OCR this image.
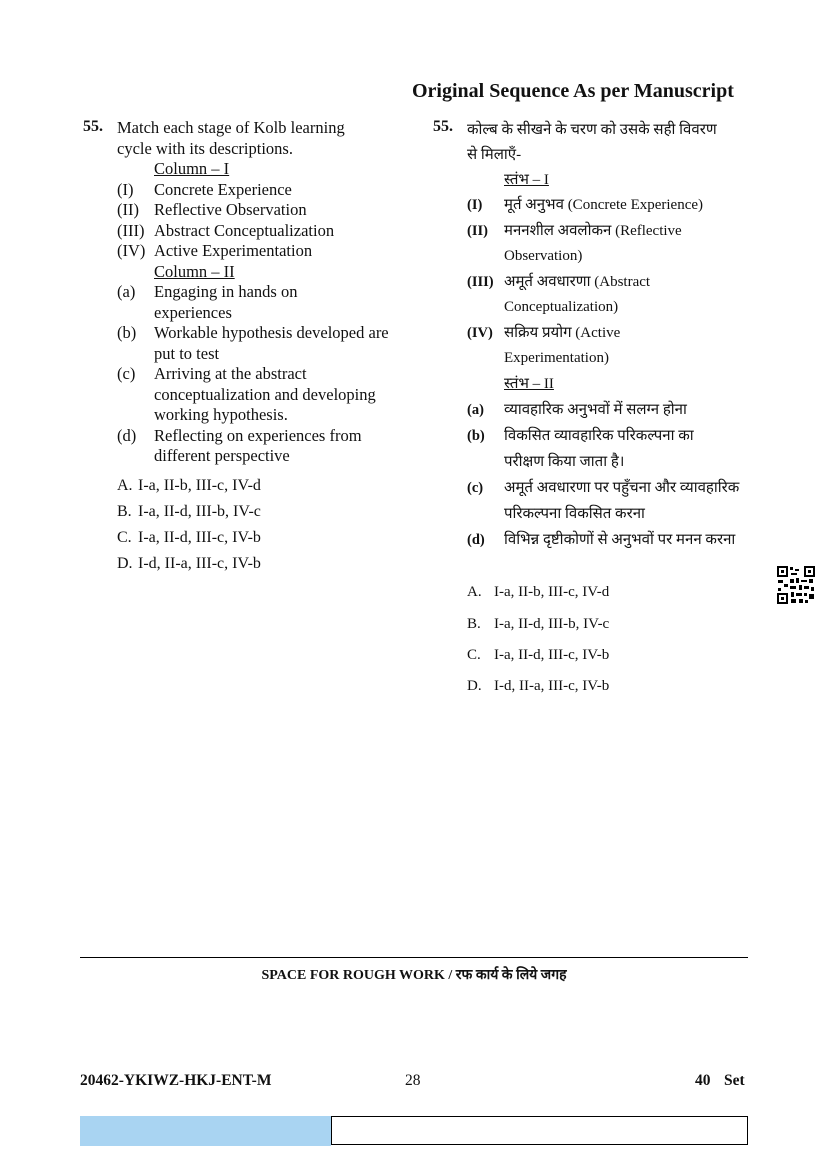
Original Sequence As per Manuscript
55. Match each stage of Kolb learning
cycle with its descriptions.
Column – I
(I) Concrete Experience
(II) Reflective Observation
(III) Abstract Conceptualization
(IV) Active Experimentation
Column – II
(a) Engaging in hands on experiences
(b) Workable hypothesis developed are put to test
(c) Arriving at the abstract conceptualization and developing working hypothesis.
(d) Reflecting on experiences from different perspective
A. I-a, II-b, III-c, IV-d
B. I-a, II-d, III-b, IV-c
C. I-a, II-d, III-c, IV-b
D. I-d, II-a, III-c, IV-b
55. कोल्ब के सीखने के चरण को उसके सही विवरण
से मिलाएँ-
स्तंभ – I
(I) मूर्त अनुभव (Concrete Experience)
(II) मननशील अवलोकन (Reflective Observation)
(III) अमूर्त अवधारणा (Abstract Conceptualization)
(IV) सक्रिय प्रयोग (Active Experimentation)
स्तंभ – II
(a) व्यावहारिक अनुभवों में सलग्न होना
(b) विकसित व्यावहारिक परिकल्पना का परीक्षण किया जाता है।
(c) अमूर्त अवधारणा पर पहुँचना और व्यावहारिक परिकल्पना विकसित करना
(d) विभिन्न दृष्टीकोणों से अनुभवों पर मनन करना
A. I-a, II-b, III-c, IV-d
B. I-a, II-d, III-b, IV-c
C. I-a, II-d, III-c, IV-b
D. I-d, II-a, III-c, IV-b
SPACE FOR ROUGH WORK / रफ कार्य के लिये जगह
20462-YKIWZ-HKJ-ENT-M	28	40 Set
